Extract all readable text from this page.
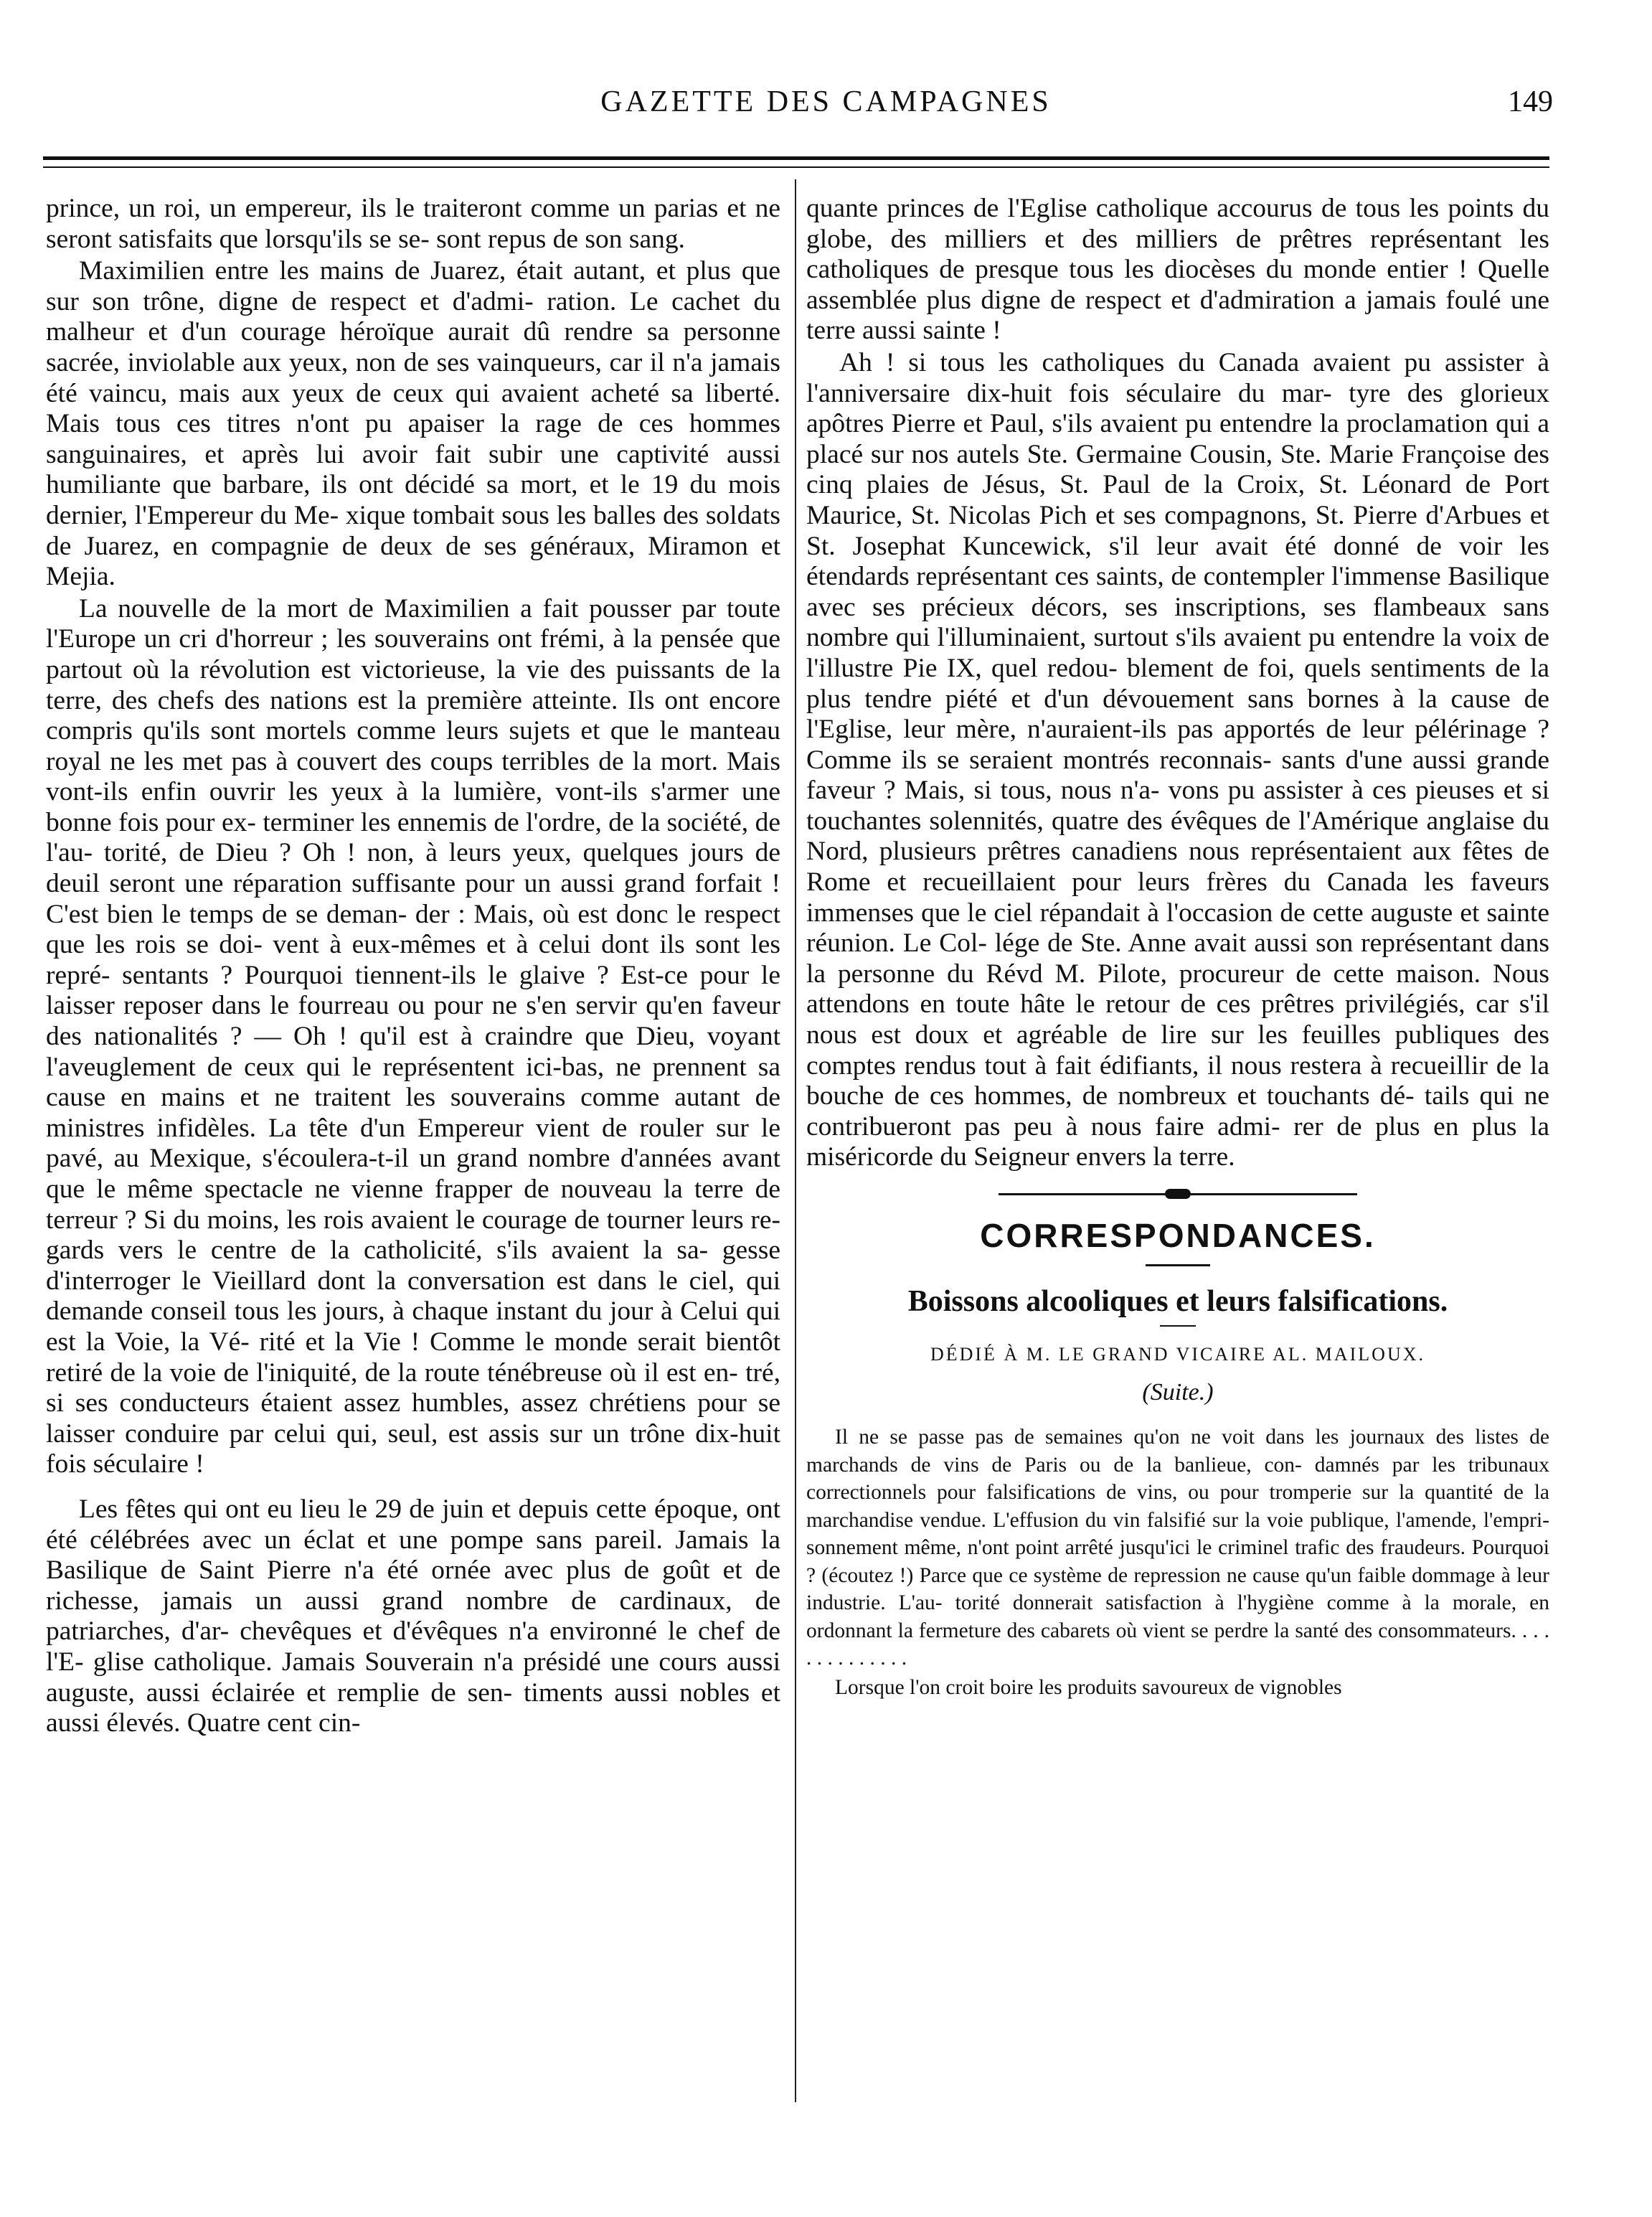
GAZETTE DES CAMPAGNES	149

prince, un roi, un empereur, ils le traiteront comme un parias et ne seront satisfaits que lorsqu'ils se se- sont repus de son sang.

Maximilien entre les mains de Juarez, était autant, et plus que sur son trône, digne de respect et d'admi- ration. Le cachet du malheur et d'un courage héroïque aurait dû rendre sa personne sacrée, inviolable aux yeux, non de ses vainqueurs, car il n'a jamais été vaincu, mais aux yeux de ceux qui avaient acheté sa liberté. Mais tous ces titres n'ont pu apaiser la rage de ces hommes sanguinaires, et après lui avoir fait subir une captivité aussi humiliante que barbare, ils ont décidé sa mort, et le 19 du mois dernier, l'Empereur du Me- xique tombait sous les balles des soldats de Juarez, en compagnie de deux de ses généraux, Miramon et Mejia.

La nouvelle de la mort de Maximilien a fait pousser par toute l'Europe un cri d'horreur ; les souverains ont frémi, à la pensée que partout où la révolution est victorieuse, la vie des puissants de la terre, des chefs des nations est la première atteinte. Ils ont encore compris qu'ils sont mortels comme leurs sujets et que le manteau royal ne les met pas à couvert des coups terribles de la mort. Mais vont-ils enfin ouvrir les yeux à la lumière, vont-ils s'armer une bonne fois pour ex- terminer les ennemis de l'ordre, de la société, de l'au- torité, de Dieu ? Oh ! non, à leurs yeux, quelques jours de deuil seront une réparation suffisante pour un aussi grand forfait ! C'est bien le temps de se deman- der : Mais, où est donc le respect que les rois se doi- vent à eux-mêmes et à celui dont ils sont les repré- sentants ? Pourquoi tiennent-ils le glaive ? Est-ce pour le laisser reposer dans le fourreau ou pour ne s'en servir qu'en faveur des nationalités ? — Oh ! qu'il est à craindre que Dieu, voyant l'aveuglement de ceux qui le représentent ici-bas, ne prennent sa cause en mains et ne traitent les souverains comme autant de ministres infidèles. La tête d'un Empereur vient de rouler sur le pavé, au Mexique, s'écoulera-t-il un grand nombre d'années avant que le même spectacle ne vienne frapper de nouveau la terre de terreur ? Si du moins, les rois avaient le courage de tourner leurs re- gards vers le centre de la catholicité, s'ils avaient la sa- gesse d'interroger le Vieillard dont la conversation est dans le ciel, qui demande conseil tous les jours, à chaque instant du jour à Celui qui est la Voie, la Vé- rité et la Vie ! Comme le monde serait bientôt retiré de la voie de l'iniquité, de la route ténébreuse où il est en- tré, si ses conducteurs étaient assez humbles, assez chrétiens pour se laisser conduire par celui qui, seul, est assis sur un trône dix-huit fois séculaire !

Les fêtes qui ont eu lieu le 29 de juin et depuis cette époque, ont été célébrées avec un éclat et une pompe sans pareil. Jamais la Basilique de Saint Pierre n'a été ornée avec plus de goût et de richesse, jamais un aussi grand nombre de cardinaux, de patriarches, d'ar- chevêques et d'évêques n'a environné le chef de l'E- glise catholique. Jamais Souverain n'a présidé une cours aussi auguste, aussi éclairée et remplie de sen- timents aussi nobles et aussi élevés. Quatre cent cin-

quante princes de l'Eglise catholique accourus de tous les points du globe, des milliers et des milliers de prêtres représentant les catholiques de presque tous les diocèses du monde entier ! Quelle assemblée plus digne de respect et d'admiration a jamais foulé une terre aussi sainte !

Ah ! si tous les catholiques du Canada avaient pu assister à l'anniversaire dix-huit fois séculaire du mar- tyre des glorieux apôtres Pierre et Paul, s'ils avaient pu entendre la proclamation qui a placé sur nos autels Ste. Germaine Cousin, Ste. Marie Françoise des cinq plaies de Jésus, St. Paul de la Croix, St. Léonard de Port Maurice, St. Nicolas Pich et ses compagnons, St. Pierre d'Arbues et St. Josephat Kuncewick, s'il leur avait été donné de voir les étendards représentant ces saints, de contempler l'immense Basilique avec ses précieux décors, ses inscriptions, ses flambeaux sans nombre qui l'illuminaient, surtout s'ils avaient pu entendre la voix de l'illustre Pie IX, quel redou- blement de foi, quels sentiments de la plus tendre piété et d'un dévouement sans bornes à la cause de l'Eglise, leur mère, n'auraient-ils pas apportés de leur pélérinage ? Comme ils se seraient montrés reconnais- sants d'une aussi grande faveur ? Mais, si tous, nous n'a- vons pu assister à ces pieuses et si touchantes solennités, quatre des évêques de l'Amérique anglaise du Nord, plusieurs prêtres canadiens nous représentaient aux fêtes de Rome et recueillaient pour leurs frères du Canada les faveurs immenses que le ciel répandait à l'occasion de cette auguste et sainte réunion. Le Col- lége de Ste. Anne avait aussi son représentant dans la personne du Révd M. Pilote, procureur de cette maison. Nous attendons en toute hâte le retour de ces prêtres privilégiés, car s'il nous est doux et agréable de lire sur les feuilles publiques des comptes rendus tout à fait édifiants, il nous restera à recueillir de la bouche de ces hommes, de nombreux et touchants dé- tails qui ne contribueront pas peu à nous faire admi- rer de plus en plus la miséricorde du Seigneur envers la terre.

CORRESPONDANCES.
Boissons alcooliques et leurs falsifications.
DÉDIÉ À M. LE GRAND VICAIRE AL. MAILOUX.
(Suite.)

Il ne se passe pas de semaines qu'on ne voit dans les journaux des listes de marchands de vins de Paris ou de la banlieue, con- damnés par les tribunaux correctionnels pour falsifications de vins, ou pour tromperie sur la quantité de la marchandise vendue. L'effusion du vin falsifié sur la voie publique, l'amende, l'empri- sonnement même, n'ont point arrêté jusqu'ici le criminel trafic des fraudeurs. Pourquoi ? (écoutez !) Parce que ce système de repression ne cause qu'un faible dommage à leur industrie. L'au- torité donnerait satisfaction à l'hygiène comme à la morale, en ordonnant la fermeture des cabarets où vient se perdre la santé des consommateurs. . . . . . . . . . . . . .

Lorsque l'on croit boire les produits savoureux de vignobles
